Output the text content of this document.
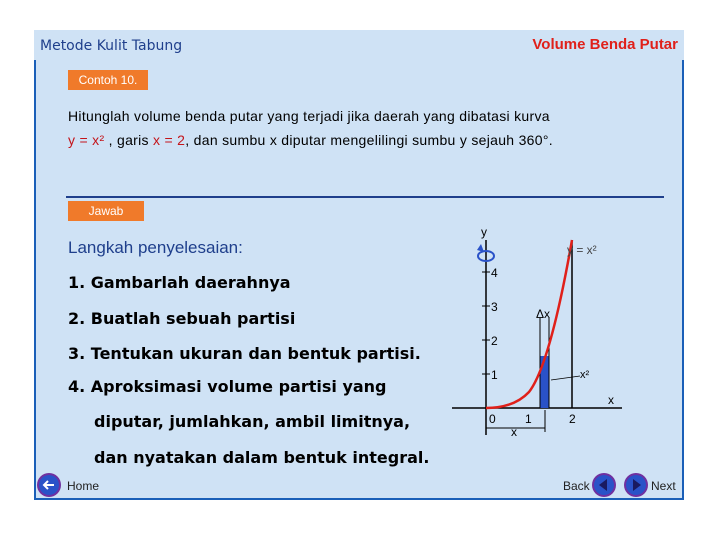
Metode Kulit Tabung	Volume Benda Putar
Contoh 10.
Hitunglah volume benda putar yang terjadi jika daerah yang dibatasi kurva
y = x² , garis x = 2, dan sumbu x diputar mengelilingi sumbu y sejauh 360°.
Jawab
Langkah penyelesaian:
1. Gambarlah daerahnya
2. Buatlah sebuah partisi
3. Tentukan ukuran dan bentuk partisi.
4. Aproksimasi volume partisi yang
diputar, jumlahkan, ambil limitnya,
dan nyatakan dalam bentuk integral.
y
x
4
3
2
1
0 1	2
y = x²
Δx
x²
x
Home	Back	Next
